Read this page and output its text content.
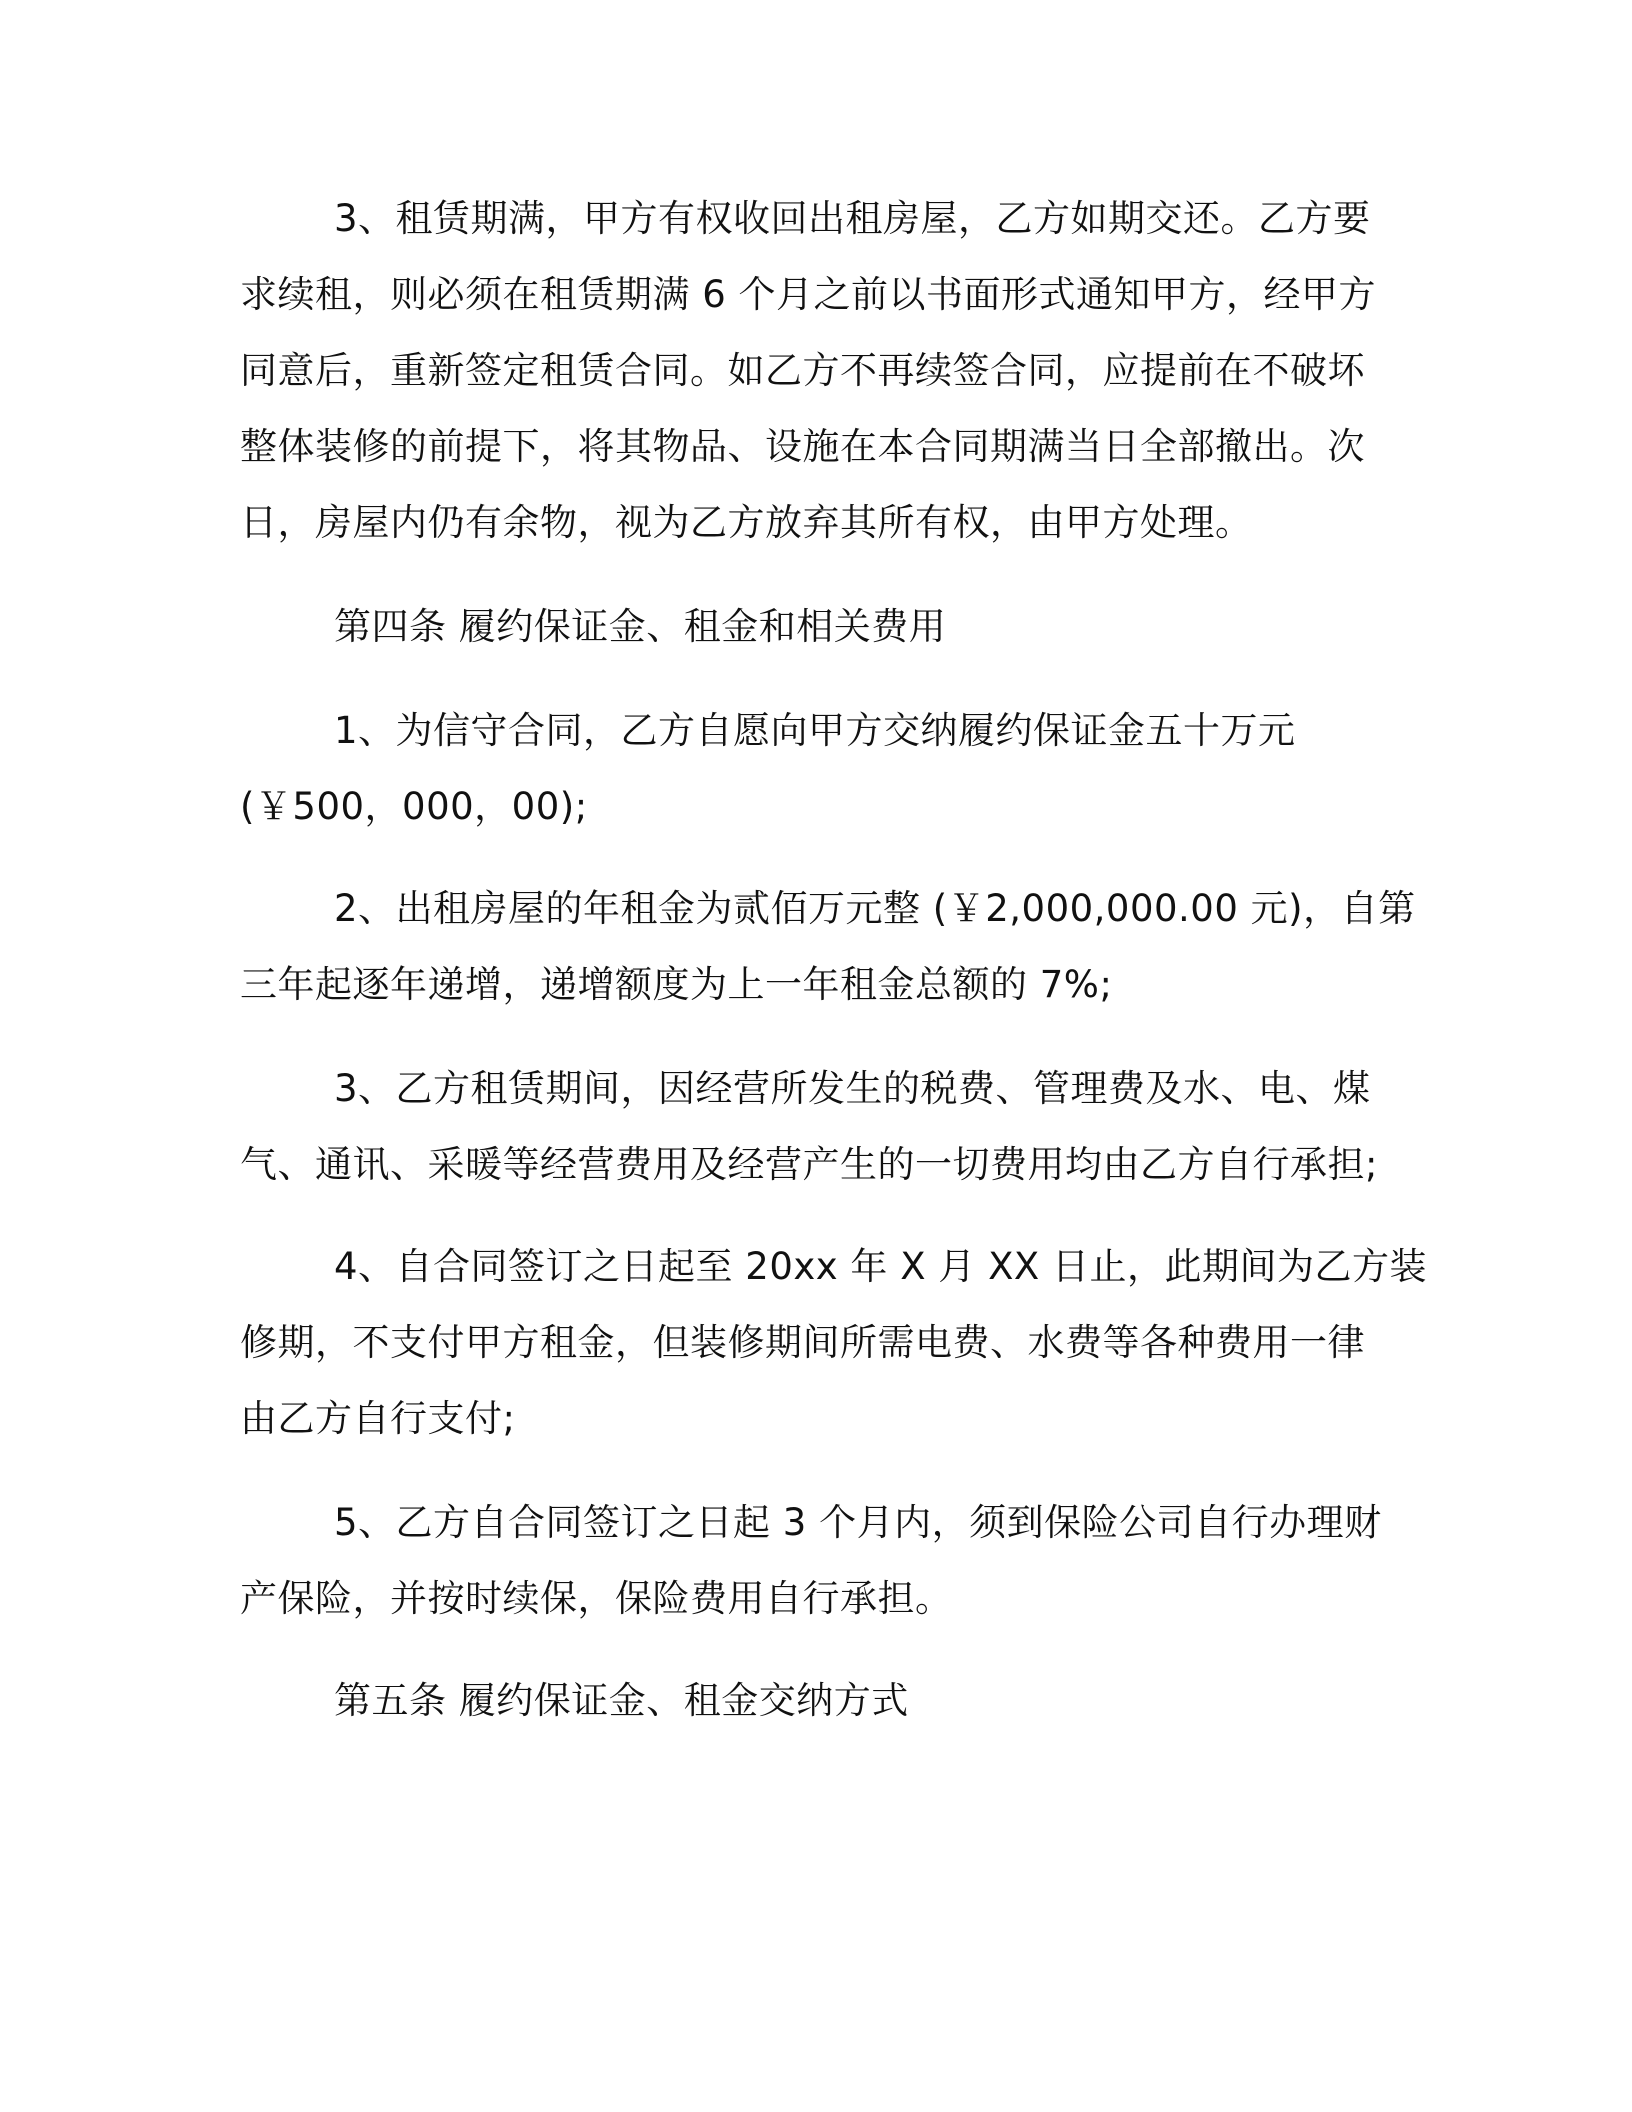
3、租赁期满，甲方有权收回出租房屋，乙方如期交还。乙方要
求续租，则必须在租赁期满 6 个月之前以书面形式通知甲方，经甲方
同意后，重新签定租赁合同。如乙方不再续签合同，应提前在不破坏
整体装修的前提下，将其物品、设施在本合同期满当日全部撤出。次
日，房屋内仍有余物，视为乙方放弃其所有权，由甲方处理。
第四条 履约保证金、租金和相关费用
1、为信守合同，乙方自愿向甲方交纳履约保证金五十万元
(￥500，000，00);
2、出租房屋的年租金为贰佰万元整 (￥2,000,000.00 元)，自第
三年起逐年递增，递增额度为上一年租金总额的 7%;
3、乙方租赁期间，因经营所发生的税费、管理费及水、电、煤
气、通讯、采暖等经营费用及经营产生的一切费用均由乙方自行承担;
4、自合同签订之日起至 20xx 年 X 月 XX 日止，此期间为乙方装
修期，不支付甲方租金，但装修期间所需电费、水费等各种费用一律
由乙方自行支付;
5、乙方自合同签订之日起 3 个月内，须到保险公司自行办理财
产保险，并按时续保，保险费用自行承担。
第五条 履约保证金、租金交纳方式
